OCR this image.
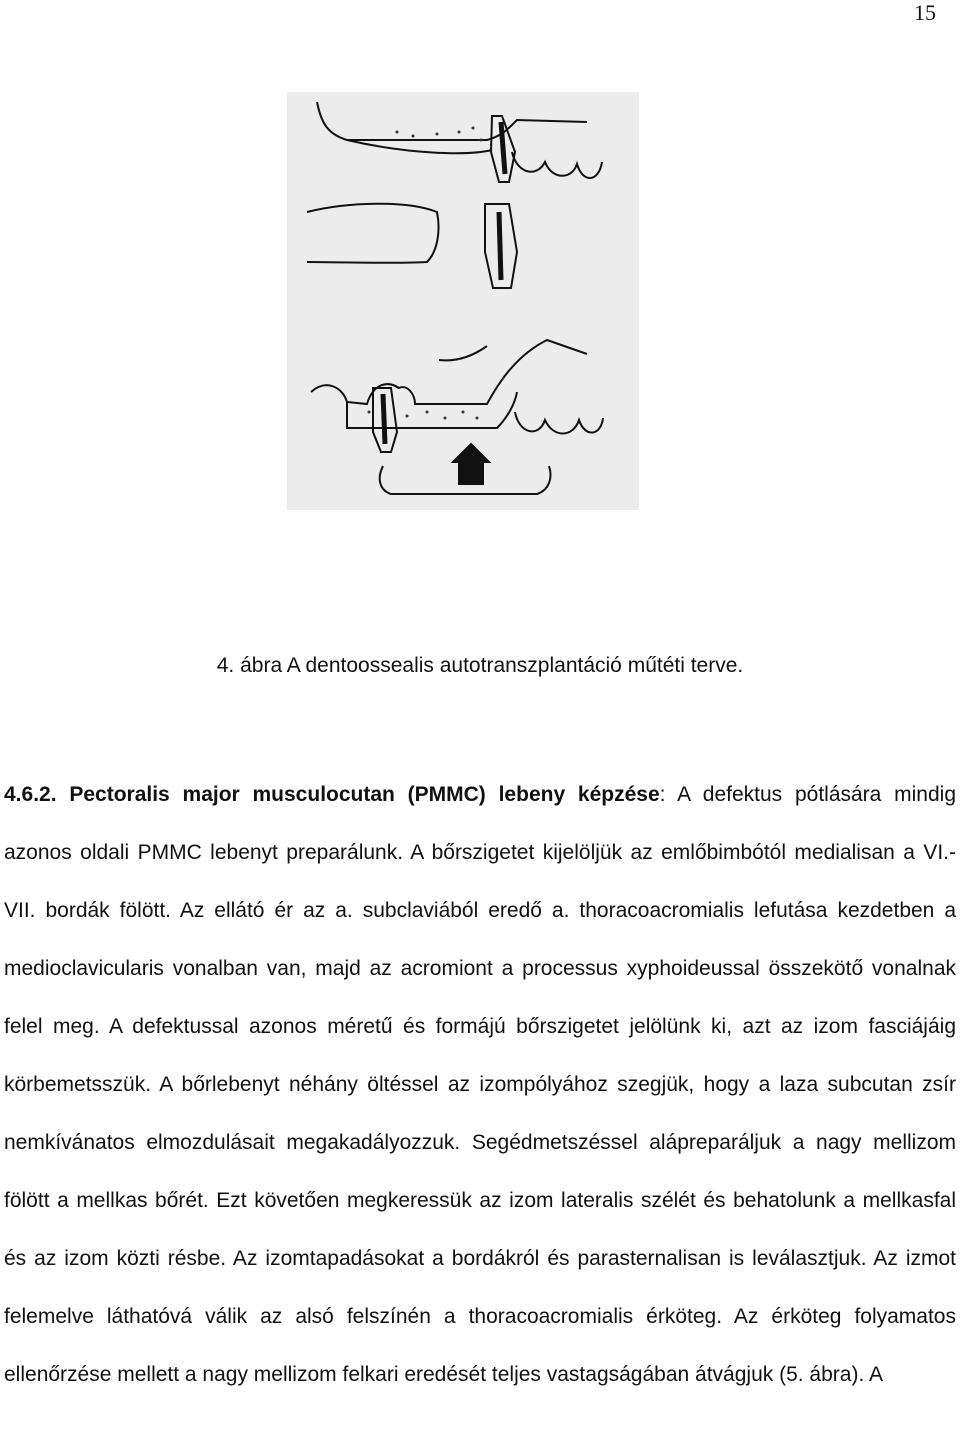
15
4. ábra A dentoossealis autotranszplantáció műtéti terve.

4.6.2. Pectoralis major musculocutan (PMMC) lebeny képzése: A defektus pótlására mindig azonos oldali PMMC lebenyt preparálunk. A bőrszigetet kijelöljük az emlőbimbótól medialisan a VI.-VII. bordák fölött. Az ellátó ér az a. subclaviából eredő a. thoracoacromialis lefutása kezdetben a medioclavicularis vonalban van, majd az acromiont a processus xyphoideussal összekötő vonalnak felel meg. A defektussal azonos méretű és formájú bőrszigetet jelölünk ki, azt az izom fasciájáig körbemetsszük. A bőrlebenyt néhány öltéssel az izompólyához szegjük, hogy a laza subcutan zsír nemkívánatos elmozdulásait megakadályozzuk. Segédmetszéssel alápreparáljuk a nagy mellizom fölött a mellkas bőrét. Ezt követően megkeressük az izom lateralis szélét és behatolunk a mellkasfal és az izom közti résbe. Az izomtapadásokat a bordákról és parasternalisan is leválasztjuk. Az izmot felemelve láthatóvá válik az alsó felszínén a thoracoacromialis érköteg. Az érköteg folyamatos ellenőrzése mellett a nagy mellizom felkari eredését teljes vastagságában átvágjuk (5. ábra). A
